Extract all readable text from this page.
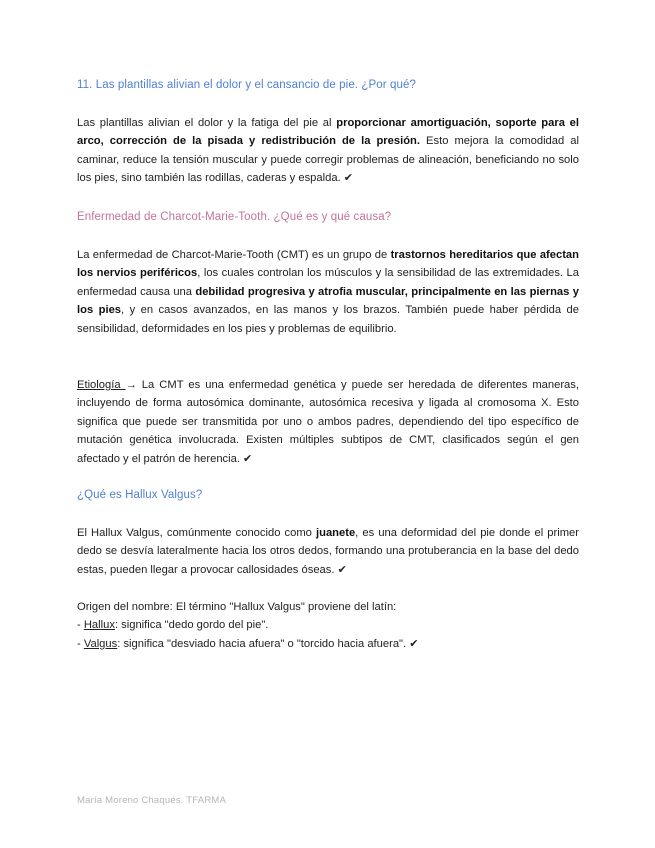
11. Las plantillas alivian el dolor y el cansancio de pie. ¿Por qué?
Las plantillas alivian el dolor y la fatiga del pie al proporcionar amortiguación, soporte para el arco, corrección de la pisada y redistribución de la presión. Esto mejora la comodidad al caminar, reduce la tensión muscular y puede corregir problemas de alineación, beneficiando no solo los pies, sino también las rodillas, caderas y espalda. ✔
Enfermedad de Charcot-Marie-Tooth. ¿Qué es y qué causa?
La enfermedad de Charcot-Marie-Tooth (CMT) es un grupo de trastornos hereditarios que afectan los nervios periféricos, los cuales controlan los músculos y la sensibilidad de las extremidades. La enfermedad causa una debilidad progresiva y atrofia muscular, principalmente en las piernas y los pies, y en casos avanzados, en las manos y los brazos. También puede haber pérdida de sensibilidad, deformidades en los pies y problemas de equilibrio.
Etiología → La CMT es una enfermedad genética y puede ser heredada de diferentes maneras, incluyendo de forma autosómica dominante, autosómica recesiva y ligada al cromosoma X. Esto significa que puede ser transmitida por uno o ambos padres, dependiendo del tipo específico de mutación genética involucrada. Existen múltiples subtipos de CMT, clasificados según el gen afectado y el patrón de herencia. ✔
¿Qué es Hallux Valgus?
El Hallux Valgus, comúnmente conocido como juanete, es una deformidad del pie donde el primer dedo se desvía lateralmente hacia los otros dedos, formando una protuberancia en la base del dedo estas, pueden llegar a provocar callosidades óseas. ✔
Origen del nombre: El término "Hallux Valgus" proviene del latín:
- Hallux: significa "dedo gordo del pie".
- Valgus: significa "desviado hacia afuera" o "torcido hacia afuera". ✔
María Moreno Chaqués. TFARMA
